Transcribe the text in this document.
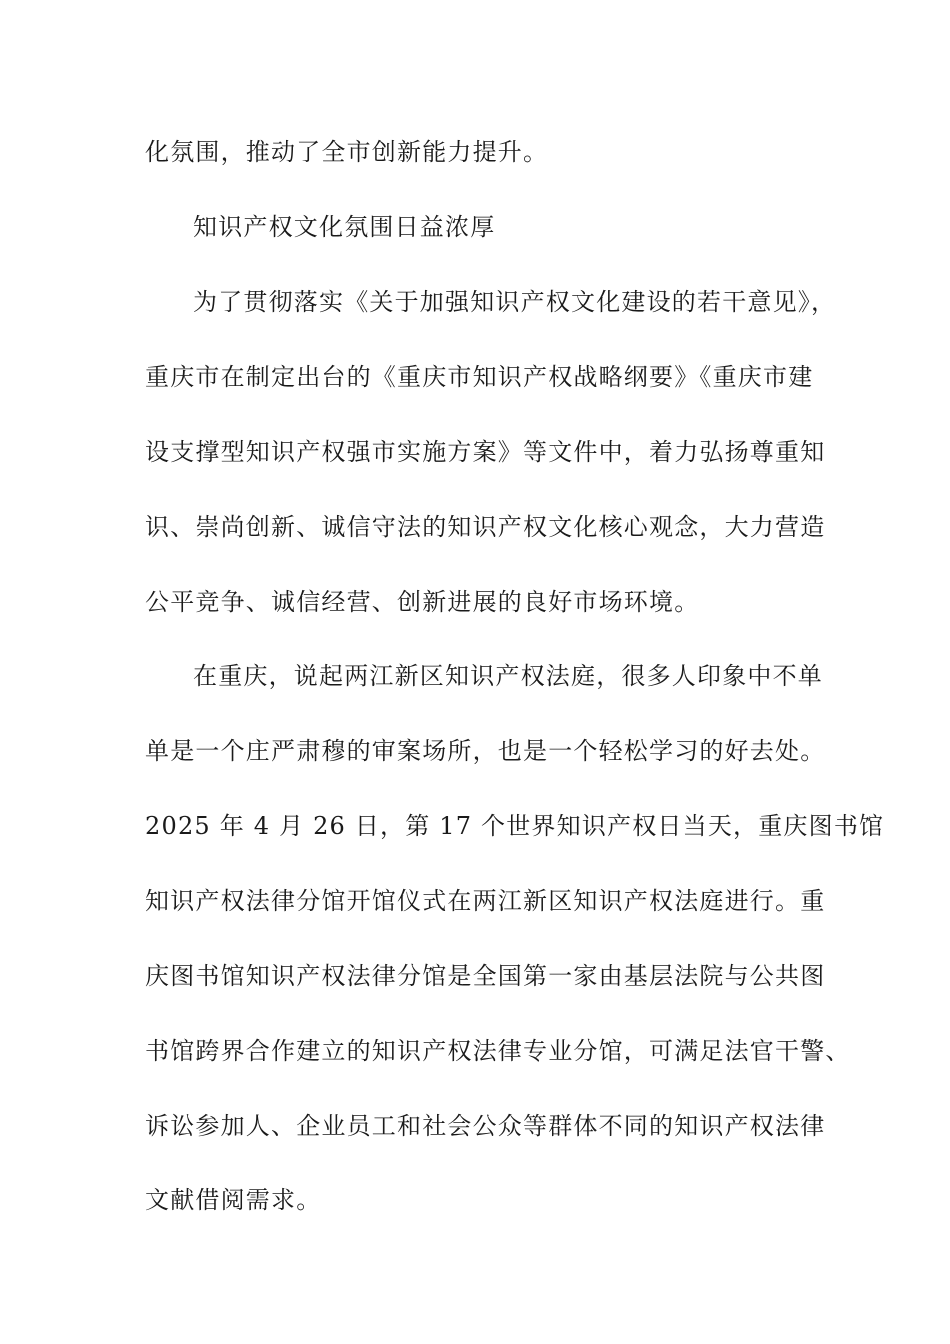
化氛围，推动了全市创新能力提升。
知识产权文化氛围日益浓厚
为了贯彻落实《关于加强知识产权文化建设的若干意见》，
重庆市在制定出台的《重庆市知识产权战略纲要》《重庆市建
设支撑型知识产权强市实施方案》等文件中，着力弘扬尊重知
识、崇尚创新、诚信守法的知识产权文化核心观念，大力营造
公平竞争、诚信经营、创新进展的良好市场环境。
在重庆，说起两江新区知识产权法庭，很多人印象中不单
单是一个庄严肃穆的审案场所，也是一个轻松学习的好去处。
2025 年 4 月 26 日，第 17 个世界知识产权日当天，重庆图书馆
知识产权法律分馆开馆仪式在两江新区知识产权法庭进行。重
庆图书馆知识产权法律分馆是全国第一家由基层法院与公共图
书馆跨界合作建立的知识产权法律专业分馆，可满足法官干警、
诉讼参加人、企业员工和社会公众等群体不同的知识产权法律
文献借阅需求。
